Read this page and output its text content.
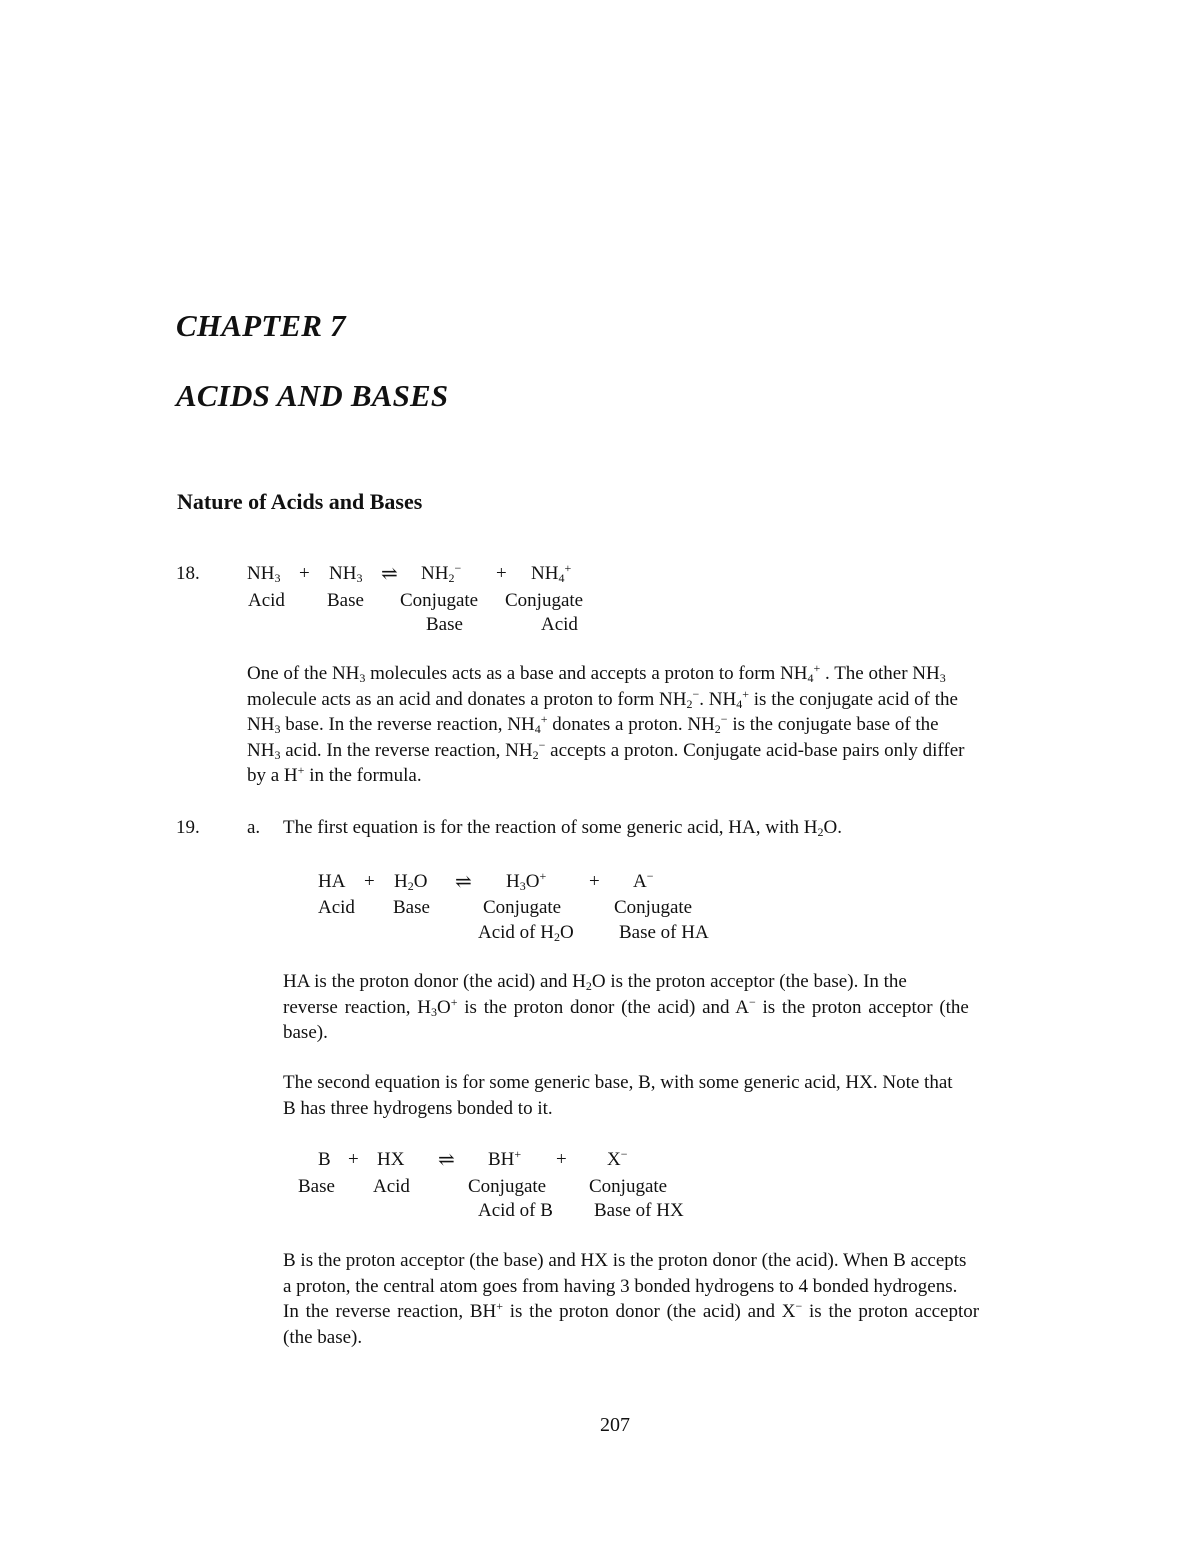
CHAPTER 7
ACIDS AND BASES
Nature of Acids and Bases
18. $NH_3 + NH_3$ ⇌ $NH_2^- + NH_4^+$
Acid Base Conjugate
Base
Conjugate
Acid
One of the $NH_3$ molecules acts as a base and accepts a proton to form $NH_4^+$ . The other $NH_3$
molecule acts as an acid and donates a proton to form $NH_2^-$. $NH_4^+$ is the conjugate acid of the
$NH_3$ base. In the reverse reaction, $NH_4^+$ donates a proton. $NH_2^-$ is the conjugate base of the
$NH_3$ acid. In the reverse reaction, $NH_2^-$ accepts a proton. Conjugate acid-base pairs only differ
by a H+ in the formula.
19. a. The first equation is for the reaction of some generic acid, HA, with $H_2O$.
HA + $H_2O$ ⇌ $H_3O^+ + A^-$
Acid Base	Conjugate
Acid of $H_2O$
Conjugate
Base of HA
HA is the proton donor (the acid) and $H_2O$ is the proton acceptor (the base). In the
reverse reaction, $H_3O^+$ is the proton donor (the acid) and A− is the proton acceptor (the
base).
The second equation is for some generic base, B, with some generic acid, HX. Note that
B has three hydrogens bonded to it.
B + HX ⇌ BH+ + X−
Base Acid	Conjugate
Acid of B
Conjugate
Base of HX
B is the proton acceptor (the base) and HX is the proton donor (the acid). When B accepts
a proton, the central atom goes from having 3 bonded hydrogens to 4 bonded hydrogens.
In the reverse reaction, BH+ is the proton donor (the acid) and X− is the proton acceptor
(the base).
207
